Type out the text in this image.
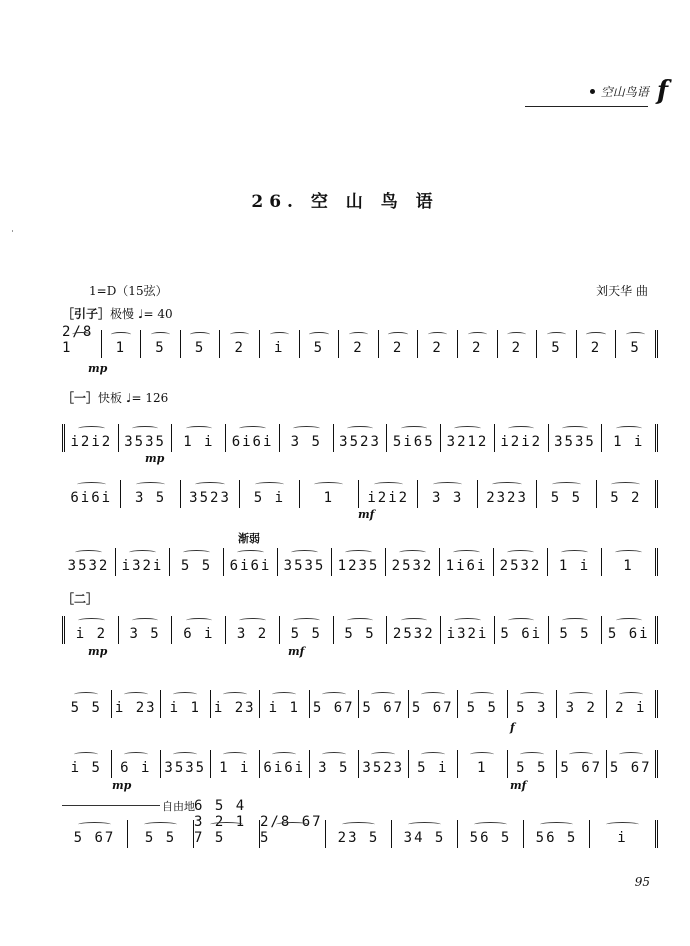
空山鸟语 f
26. 空 山 鸟 语
1=D（15弦）	刘天华 曲
［引子］极慢 ♩= 40
2/8 1	1 5 5 2 i 5 2 2 2 2 2 5 2 5
mp
［一］快板 ♩= 126
i2i2 3535 1 i 6i6i 3 5 3523 5i65 3212 i2i2 3535 1 i
mp
6i6i 3 5 3523 5 i	1 i2i2 3 3 2323 5 5 5 2
mf
渐弱
3532 i32i 5 5 6i6i 3535 1235 2532 1i6i 2532 1 i 1
［二］
i 2 3 5 6 i 3 2 5 5 5 5 2532 i32i 5 6i 5 5 5 6i
mp	mf
5 5 i 23 i 1 i 23 i 1 5 67 5 67 5 67 5 5 5 3 3 2 2 i
f
i 5 6 i 3535 1 i 6i6i 3 5 3523 5 i 1 5 5 5 67 5 67
mp	mf
自由地
5 67 5 5
6 5 4 3 2 1 7 5
2/8 67 5	23 5 34 5 56 5 56 5	i
95
